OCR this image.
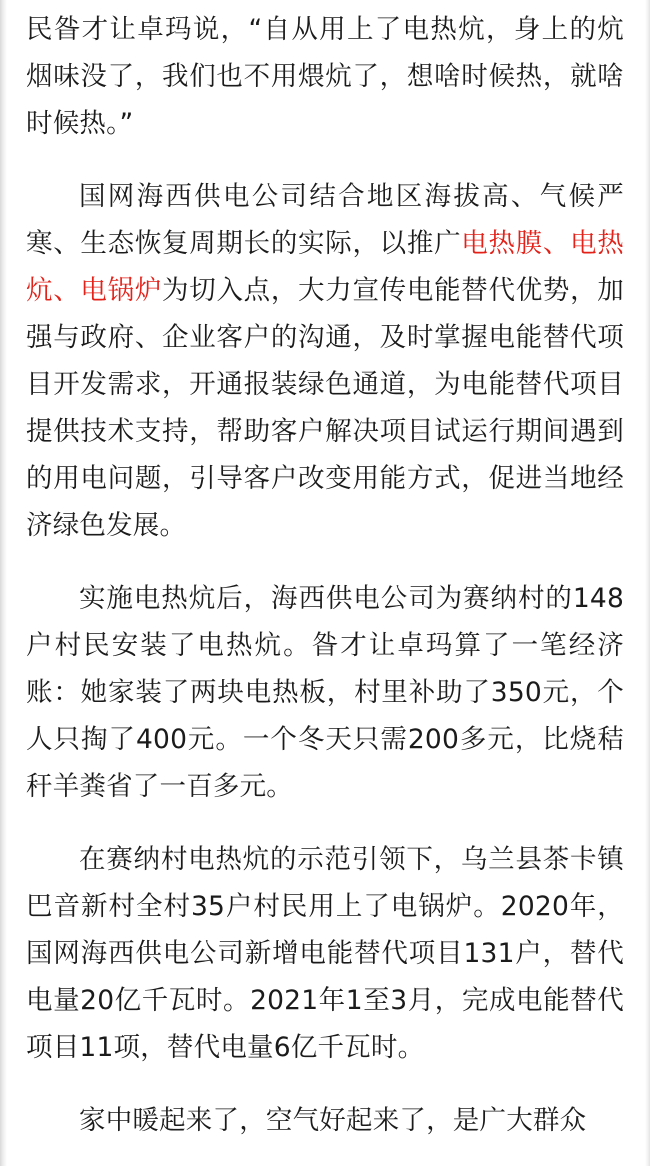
民昝才让卓玛说，“自从用上了电热炕，身上的炕烟味没了，我们也不用煨炕了，想啥时候热，就啥时候热。”

国网海西供电公司结合地区海拔高、气候严寒、生态恢复周期长的实际，以推广电热膜、电热炕、电锅炉为切入点，大力宣传电能替代优势，加强与政府、企业客户的沟通，及时掌握电能替代项目开发需求，开通报装绿色通道，为电能替代项目提供技术支持，帮助客户解决项目试运行期间遇到的用电问题，引导客户改变用能方式，促进当地经济绿色发展。

实施电热炕后，海西供电公司为赛纳村的148户村民安装了电热炕。昝才让卓玛算了一笔经济账：她家装了两块电热板，村里补助了350元，个人只掏了400元。一个冬天只需200多元，比烧秸秆羊粪省了一百多元。

在赛纳村电热炕的示范引领下，乌兰县茶卡镇巴音新村全村35户村民用上了电锅炉。2020年，国网海西供电公司新增电能替代项目131户，替代电量20亿千瓦时。2021年1至3月，完成电能替代项目11项，替代电量6亿千瓦时。

家中暖起来了，空气好起来了，是广大群众
